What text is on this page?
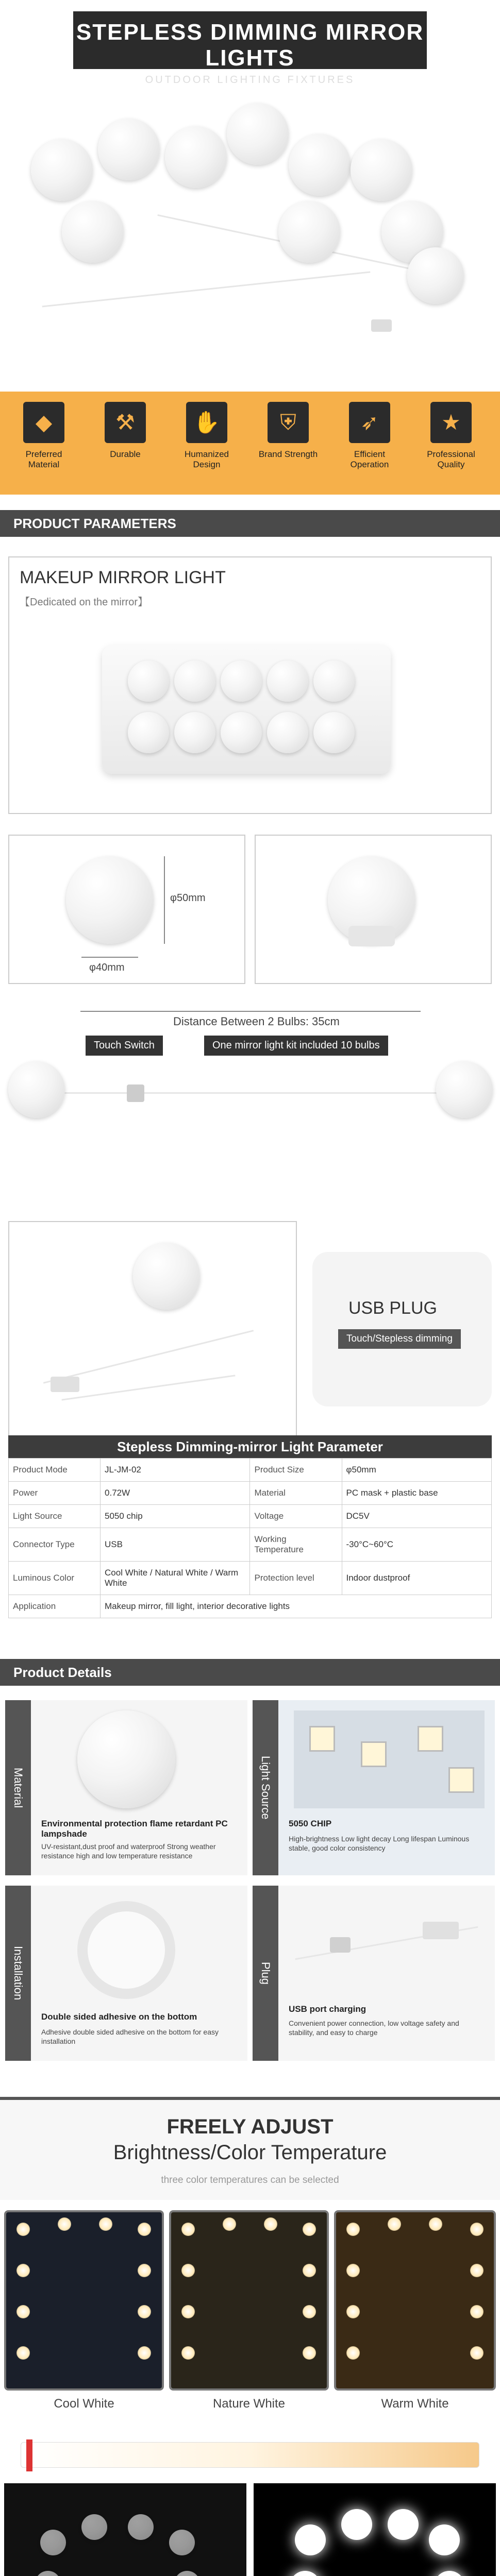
STEPLESS DIMMING MIRROR LIGHTS
OUTDOOR LIGHTING FIXTURES
◆
Preferred Material
⚒
Durable
✋
Humanized Design
⛨
Brand Strength
➶
Efficient Operation
★
Professional Quality
PRODUCT PARAMETERS
MAKEUP MIRROR LIGHT
【Dedicated on the mirror】
φ50mm
φ40mm
Distance Between 2 Bulbs: 35cm
Touch Switch	One mirror light kit included 10 bulbs
USB PLUG
Touch/Stepless dimming
Stepless Dimming-mirror Light Parameter
Product Mode	JL-JM-02	Product Size	φ50mm
Power	0.72W	Material	PC mask + plastic base
Light Source	5050 chip	Voltage	DC5V
Connector Type	USB	Working Temperature	-30°C~60°C
Luminous Color	Cool White / Natural White / Warm White	Protection level	Indoor dustproof
Application	Makeup mirror, fill light, interior decorative lights		
Product Details
Material
Environmental protection flame retardant PC lampshade
UV-resistant,dust proof and waterproof Strong weather resistance high and low temperature resistance
Light Source
5050 CHIP
High-brightness Low light decay Long lifespan Luminous stable, good color consistency
Installation
Double sided adhesive on the bottom
Adhesive double sided adhesive on the bottom for easy installation
Plug
USB port charging
Convenient power connection, low voltage safety and stability, and easy to charge
FREELY ADJUST
Brightness/Color Temperature
three color temperatures can be selected
Cool White	Nature White	Warm White
